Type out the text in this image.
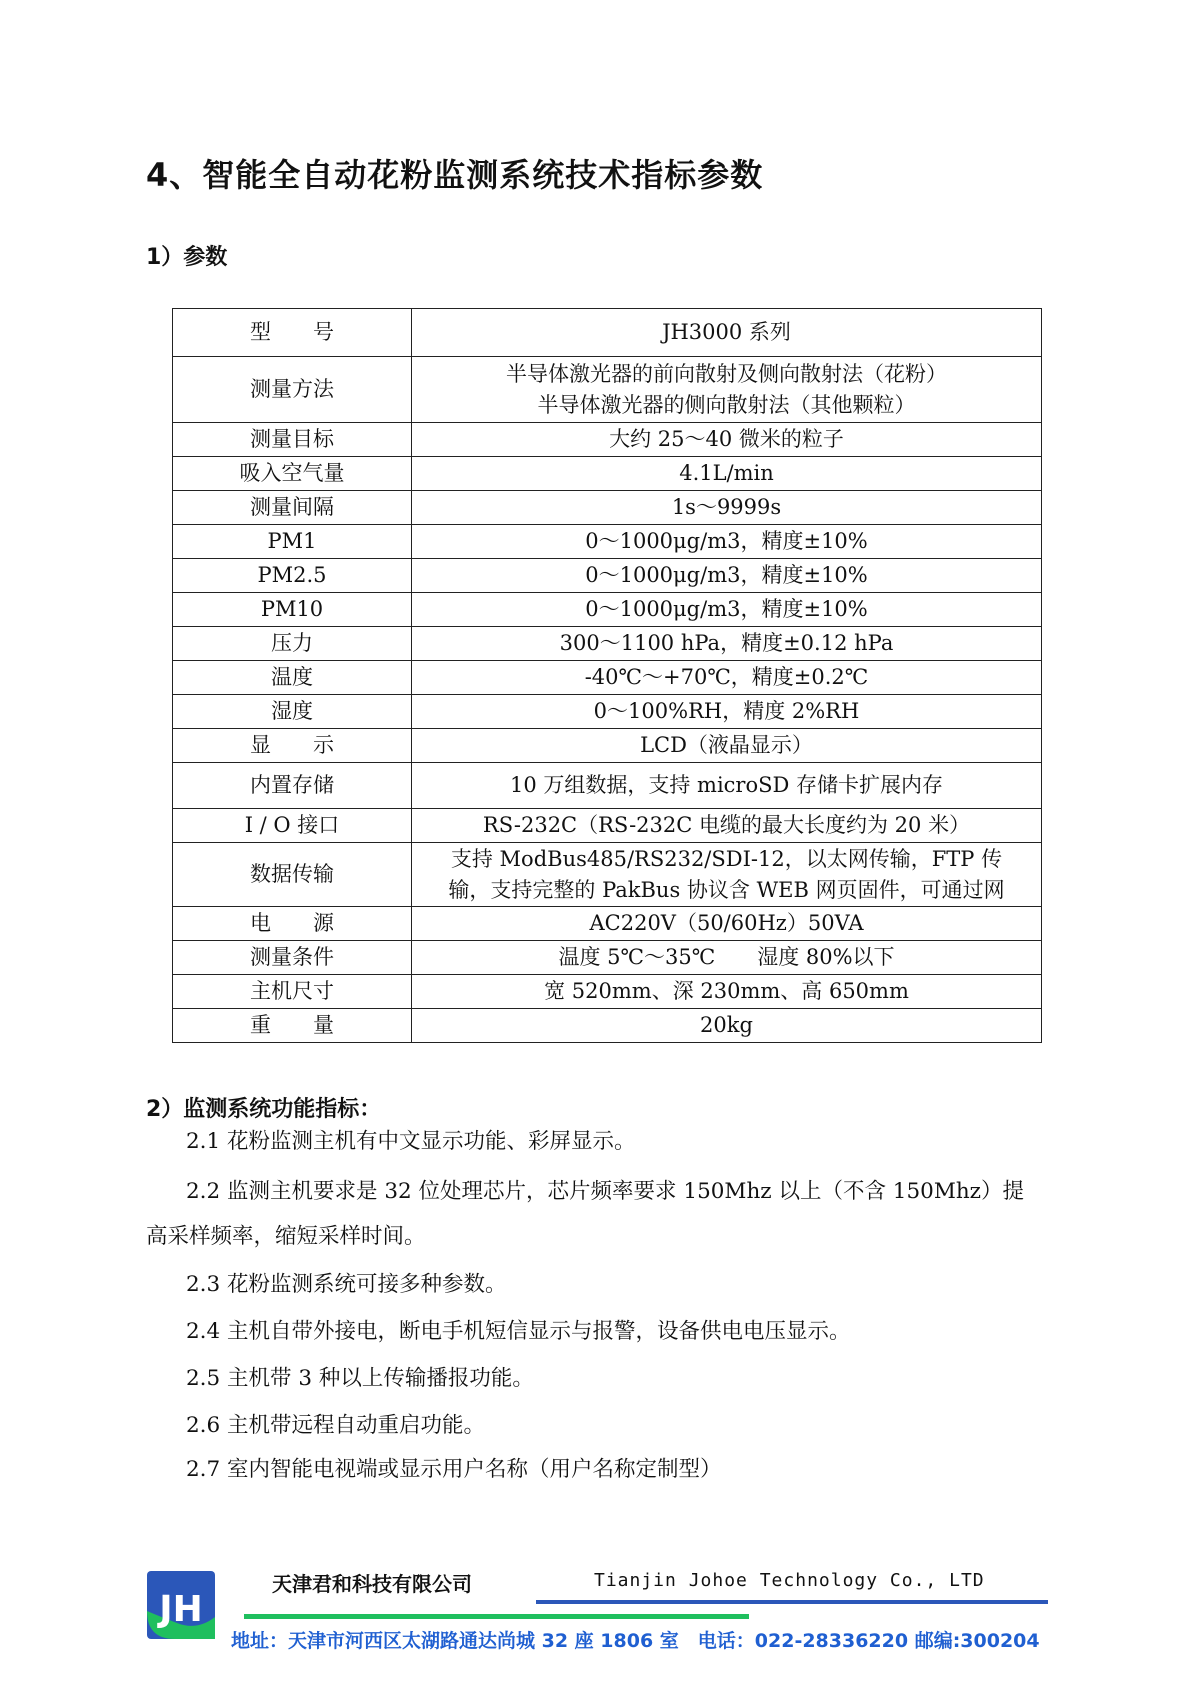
4、智能全自动花粉监测系统技术指标参数
1）参数
型　　号	JH3000 系列

测量方法	半导体激光器的前向散射及侧向散射法（花粉）
半导体激光器的侧向散射法（其他颗粒）

测量目标	大约 25～40 微米的粒子

吸入空气量	4.1L/min

测量间隔	1s～9999s

PM1	0～1000μg/m3，精度±10%

PM2.5	0～1000μg/m3，精度±10%

PM10	0～1000μg/m3，精度±10%

压力	300～1100 hPa，精度±0.12 hPa

温度	-40℃～+70℃，精度±0.2℃

湿度	0～100%RH，精度 2%RH

显　　示	LCD（液晶显示）

内置存储	10 万组数据，支持 microSD 存储卡扩展内存

I / O 接口	RS-232C（RS-232C 电缆的最大长度约为 20 米）

数据传输	支持 ModBus485/RS232/SDI-12，以太网传输，FTP 传
输，支持完整的 PakBus 协议含 WEB 网页固件，可通过网

电　　源	AC220V（50/60Hz）50VA

测量条件	温度 5℃～35℃　　湿度 80%以下

主机尺寸	宽 520mm、深 230mm、高 650mm

重　　量	20kg
2）监测系统功能指标：
2.1 花粉监测主机有中文显示功能、彩屏显示。
2.2 监测主机要求是 32 位处理芯片，芯片频率要求 150Mhz 以上（不含 150Mhz）提
高采样频率，缩短采样时间。
2.3 花粉监测系统可接多种参数。
2.4 主机自带外接电，断电手机短信显示与报警，设备供电电压显示。
2.5 主机带 3 种以上传输播报功能。
2.6 主机带远程自动重启功能。
2.7 室内智能电视端或显示用户名称（用户名称定制型）
JH
天津君和科技有限公司	Tianjin Johoe Technology Co., LTD
地址：天津市河西区太湖路通达尚城 32 座 1806 室　电话：022-28336220 邮编:300204
